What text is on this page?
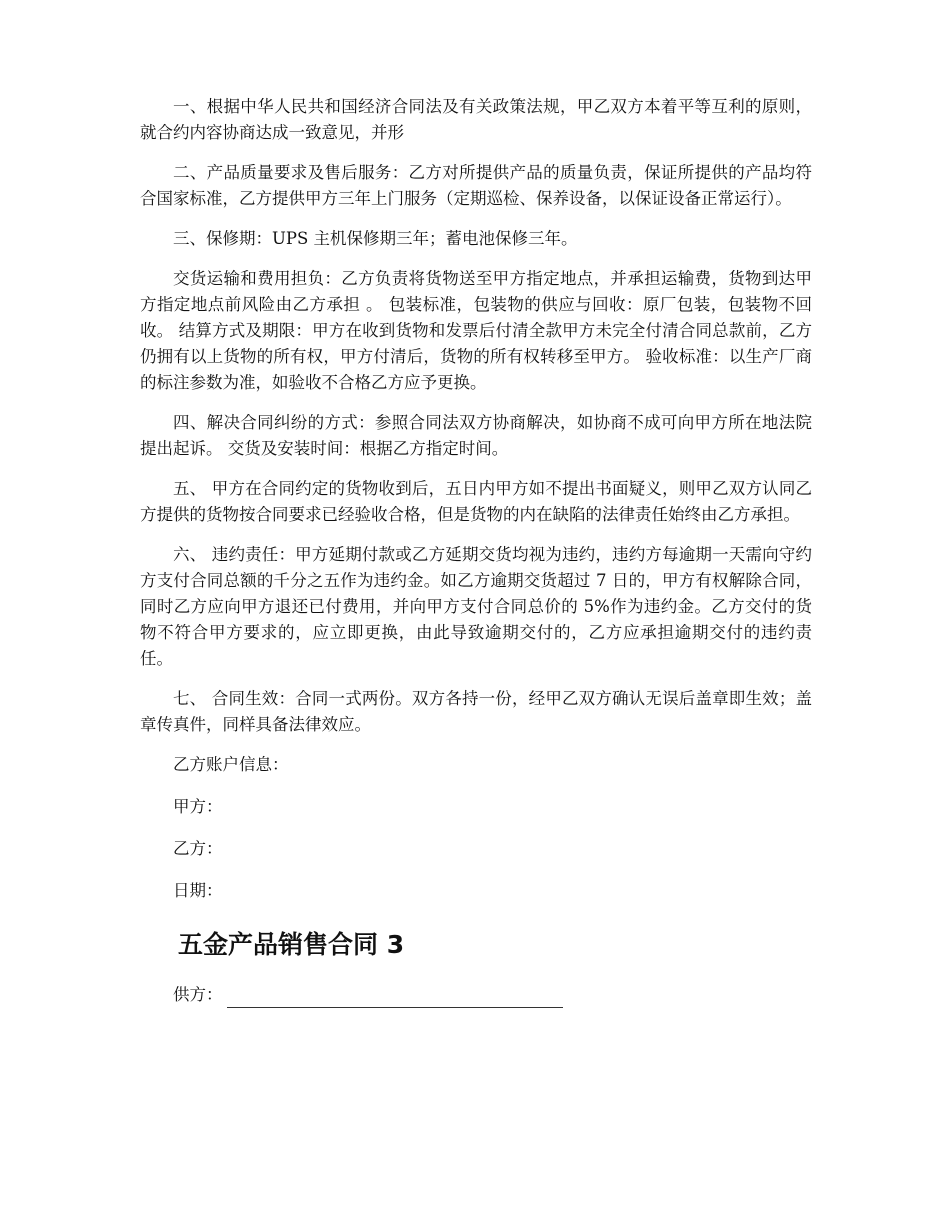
一、根据中华人民共和国经济合同法及有关政策法规，甲乙双方本着平等互利的原则，就合约内容协商达成一致意见，并形

二、产品质量要求及售后服务：乙方对所提供产品的质量负责，保证所提供的产品均符合国家标准，乙方提供甲方三年上门服务（定期巡检、保养设备，以保证设备正常运行）。

三、保修期：UPS 主机保修期三年；蓄电池保修三年。

交货运输和费用担负：乙方负责将货物送至甲方指定地点，并承担运输费，货物到达甲方指定地点前风险由乙方承担 。 包装标准，包装物的供应与回收：原厂包装，包装物不回收。 结算方式及期限：甲方在收到货物和发票后付清全款甲方未完全付清合同总款前，乙方仍拥有以上货物的所有权，甲方付清后，货物的所有权转移至甲方。 验收标准：以生产厂商的标注参数为准，如验收不合格乙方应予更换。

四、解决合同纠纷的方式：参照合同法双方协商解决，如协商不成可向甲方所在地法院提出起诉。 交货及安装时间：根据乙方指定时间。

五、 甲方在合同约定的货物收到后，五日内甲方如不提出书面疑义，则甲乙双方认同乙方提供的货物按合同要求已经验收合格，但是货物的内在缺陷的法律责任始终由乙方承担。

六、 违约责任：甲方延期付款或乙方延期交货均视为违约，违约方每逾期一天需向守约方支付合同总额的千分之五作为违约金。如乙方逾期交货超过 7 日的，甲方有权解除合同，同时乙方应向甲方退还已付费用，并向甲方支付合同总价的 5%作为违约金。乙方交付的货物不符合甲方要求的，应立即更换，由此导致逾期交付的，乙方应承担逾期交付的违约责任。

七、 合同生效：合同一式两份。双方各持一份，经甲乙双方确认无误后盖章即生效；盖章传真件，同样具备法律效应。

乙方账户信息：
甲方：
乙方：
日期：
五金产品销售合同 3
供方：
